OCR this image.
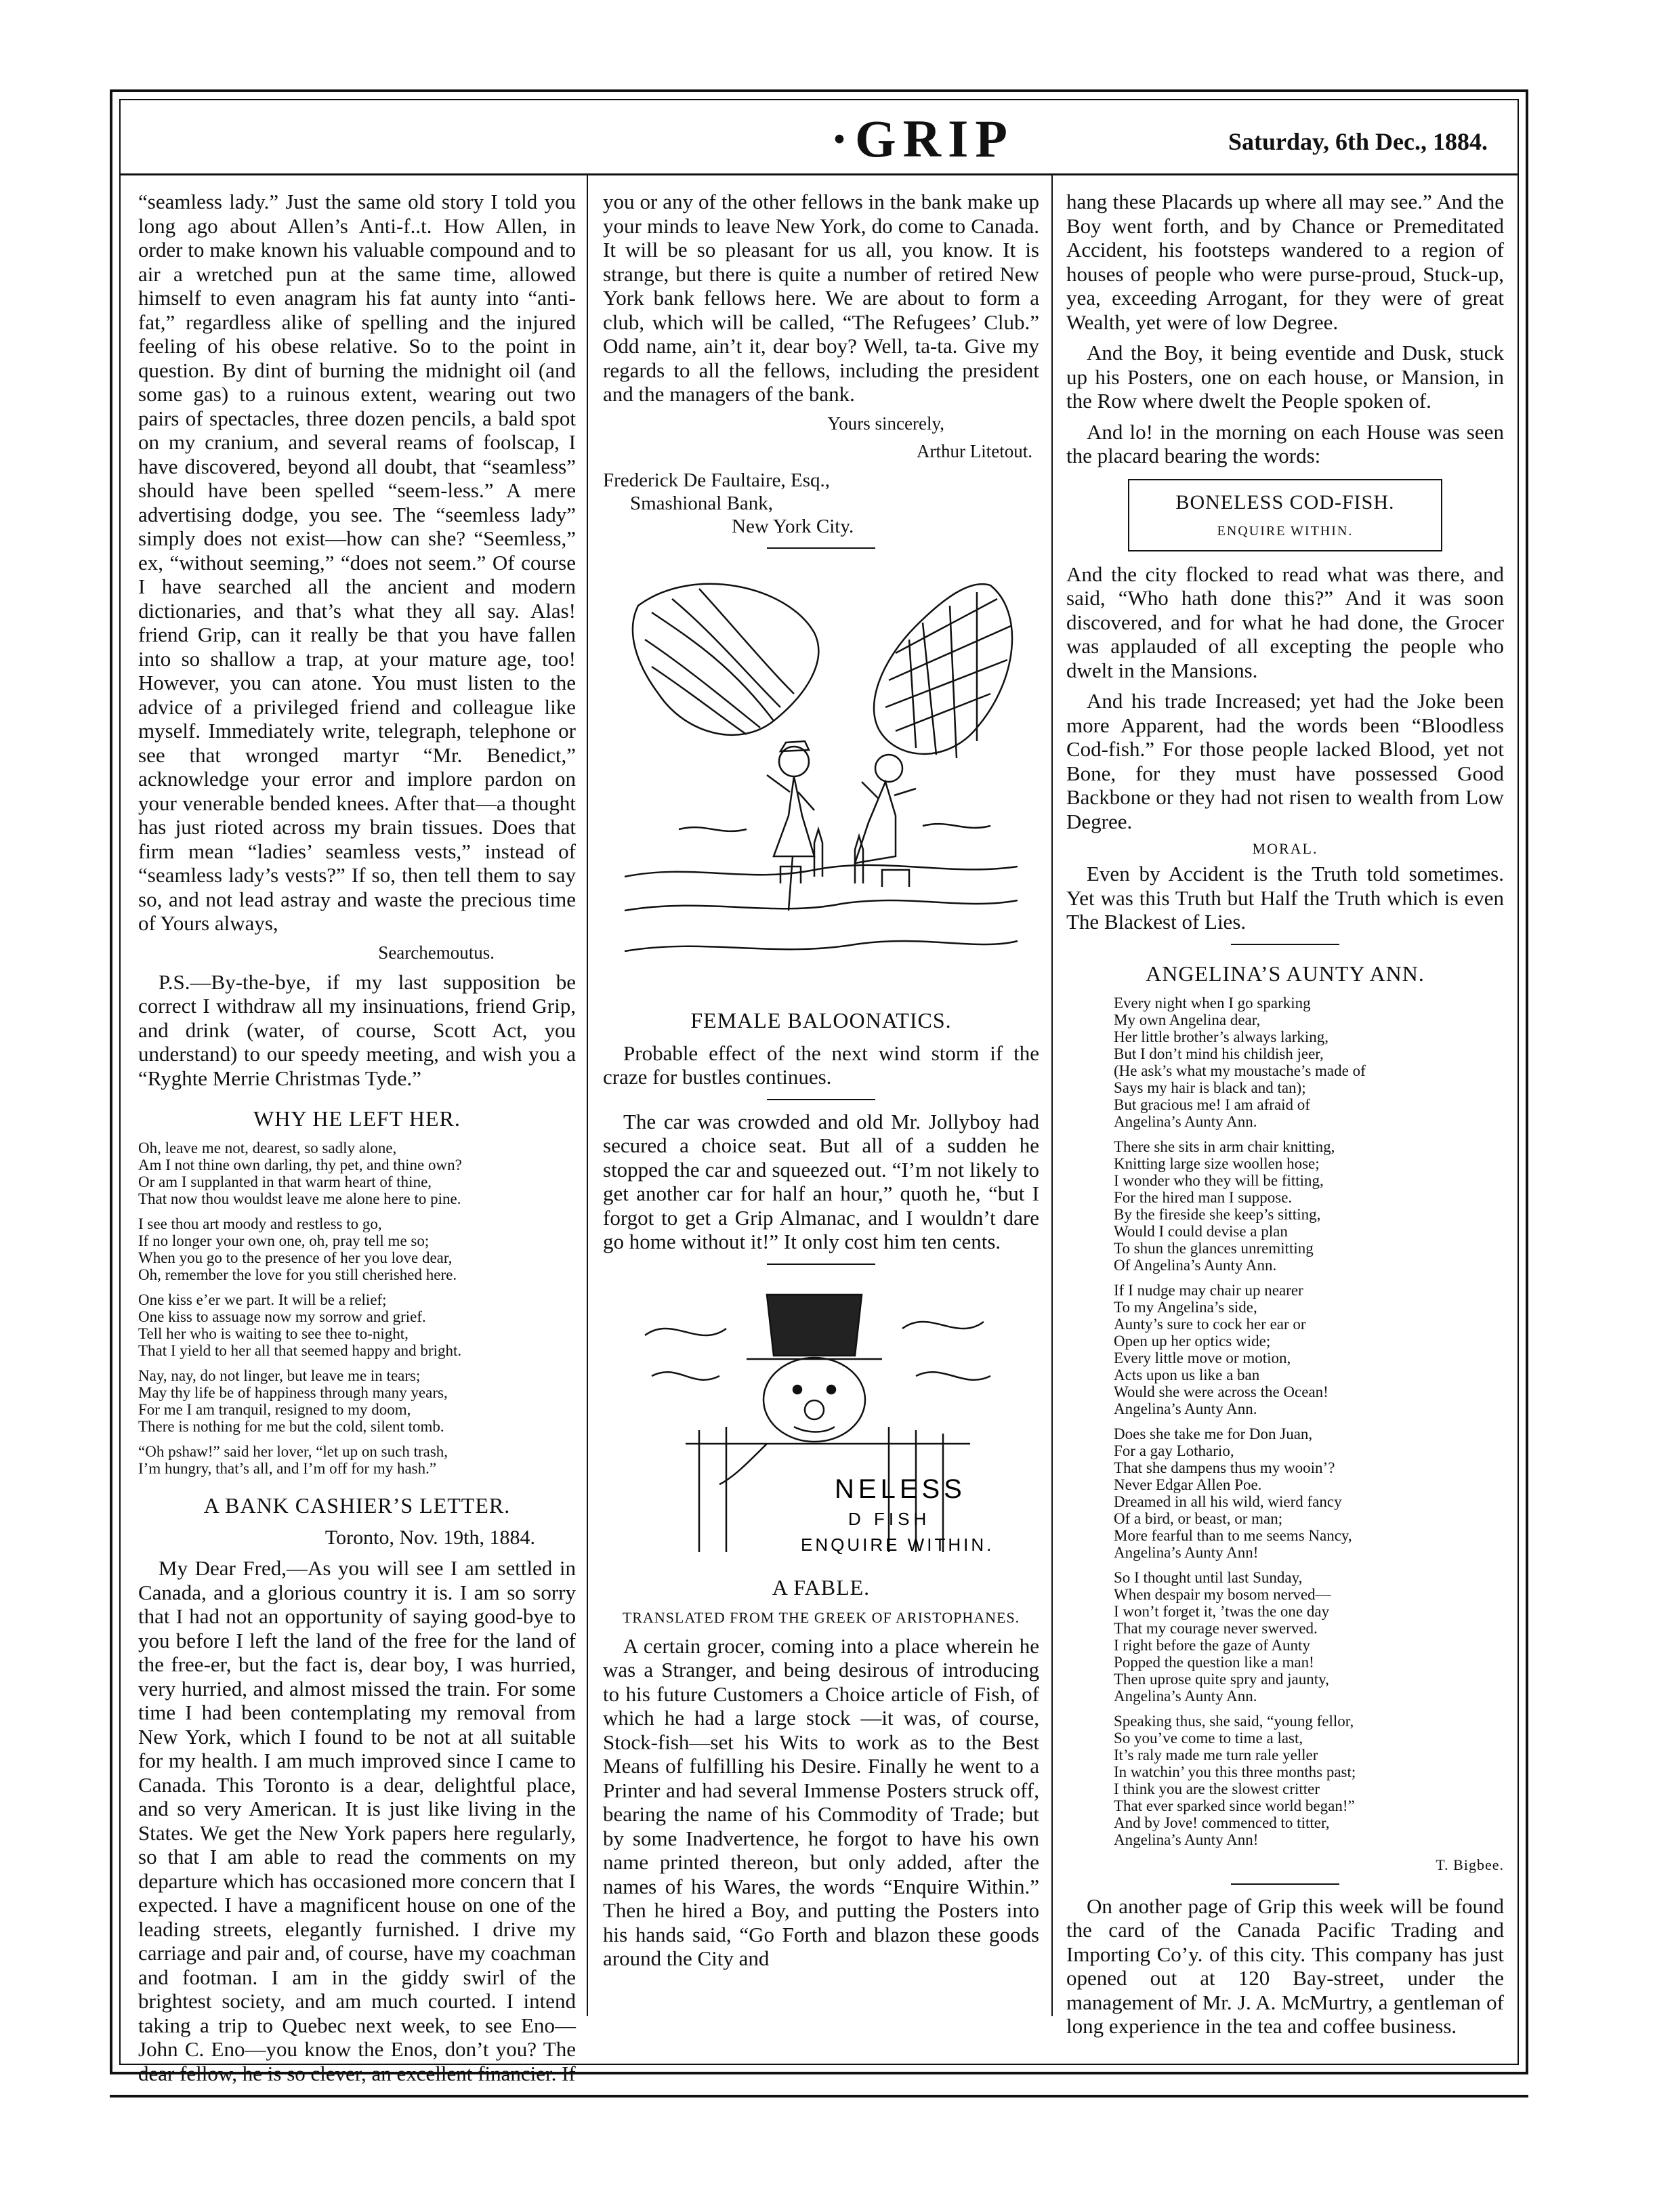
·GRIP	Saturday, 6th Dec., 1884.

“seamless lady.” Just the same old story I told you long ago about Allen’s Anti-f..t. How Allen, in order to make known his valuable compound and to air a wretched pun at the same time, allowed himself to even anagram his fat aunty into “anti-fat,” regardless alike of spelling and the injured feeling of his obese relative. So to the point in question. By dint of burning the midnight oil (and some gas) to a ruinous extent, wearing out two pairs of spectacles, three dozen pencils, a bald spot on my cranium, and several reams of foolscap, I have discovered, beyond all doubt, that “seamless” should have been spelled “seem-less.” A mere advertising dodge, you see. The “seemless lady” simply does not exist—how can she? “Seemless,” ex, “without seeming,” “does not seem.” Of course I have searched all the ancient and modern dictionaries, and that’s what they all say. Alas! friend Grip, can it really be that you have fallen into so shallow a trap, at your mature age, too! However, you can atone. You must listen to the advice of a privileged friend and colleague like myself. Immediately write, telegraph, telephone or see that wronged martyr “Mr. Benedict,” acknowledge your error and implore pardon on your venerable bended knees. After that—a thought has just rioted across my brain tissues. Does that firm mean “ladies’ seamless vests,” instead of “seamless lady’s vests?” If so, then tell them to say so, and not lead astray and waste the precious time of Yours always,

Searchemoutus.

P.S.—By-the-bye, if my last supposition be correct I withdraw all my insinuations, friend Grip, and drink (water, of course, Scott Act, you understand) to our speedy meeting, and wish you a “Ryghte Merrie Christmas Tyde.”

WHY HE LEFT HER.
Oh, leave me not, dearest, so sadly alone,
Am I not thine own darling, thy pet, and thine own?
Or am I supplanted in that warm heart of thine,
That now thou wouldst leave me alone here to pine.
I see thou art moody and restless to go,
If no longer your own one, oh, pray tell me so;
When you go to the presence of her you love dear,
Oh, remember the love for you still cherished here.
One kiss e’er we part. It will be a relief;
One kiss to assuage now my sorrow and grief.
Tell her who is waiting to see thee to-night,
That I yield to her all that seemed happy and bright.
Nay, nay, do not linger, but leave me in tears;
May thy life be of happiness through many years,
For me I am tranquil, resigned to my doom,
There is nothing for me but the cold, silent tomb.
“Oh pshaw!” said her lover, “let up on such trash,
I’m hungry, that’s all, and I’m off for my hash.”
A BANK CASHIER’S LETTER.
Toronto, Nov. 19th, 1884.

My Dear Fred,—As you will see I am settled in Canada, and a glorious country it is. I am so sorry that I had not an opportunity of saying good-bye to you before I left the land of the free for the land of the free-er, but the fact is, dear boy, I was hurried, very hurried, and almost missed the train. For some time I had been contemplating my removal from New York, which I found to be not at all suitable for my health. I am much improved since I came to Canada. This Toronto is a dear, delightful place, and so very American. It is just like living in the States. We get the New York papers here regularly, so that I am able to read the comments on my departure which has occasioned more concern that I expected. I have a magnificent house on one of the leading streets, elegantly furnished. I drive my carriage and pair and, of course, have my coachman and footman. I am in the giddy swirl of the brightest society, and am much courted. I intend taking a trip to Quebec next week, to see Eno—John C. Eno—you know the Enos, don’t you? The dear fellow, he is so clever, an excellent financier. If

you or any of the other fellows in the bank make up your minds to leave New York, do come to Canada. It will be so pleasant for us all, you know. It is strange, but there is quite a number of retired New York bank fellows here. We are about to form a club, which will be called, “The Refugees’ Club.” Odd name, ain’t it, dear boy? Well, ta-ta. Give my regards to all the fellows, including the president and the managers of the bank.

Yours sincerely,
Arthur Litetout.
Frederick De Faultaire, Esq.,
Smashional Bank,
New York City.
FEMALE BALOONATICS.

Probable effect of the next wind storm if the craze for bustles continues.

The car was crowded and old Mr. Jollyboy had secured a choice seat. But all of a sudden he stopped the car and squeezed out. “I’m not likely to get another car for half an hour,” quoth he, “but I forgot to get a Grip Almanac, and I wouldn’t dare go home without it!” It only cost him ten cents.

NELESS
D FISH
ENQUIRE WITHIN.
A FABLE.
TRANSLATED FROM THE GREEK OF ARISTOPHANES.

A certain grocer, coming into a place wherein he was a Stranger, and being desirous of introducing to his future Customers a Choice article of Fish, of which he had a large stock —it was, of course, Stock-fish—set his Wits to work as to the Best Means of fulfilling his Desire. Finally he went to a Printer and had several Immense Posters struck off, bearing the name of his Commodity of Trade; but by some Inadvertence, he forgot to have his own name printed thereon, but only added, after the names of his Wares, the words “Enquire Within.” Then he hired a Boy, and putting the Posters into his hands said, “Go Forth and blazon these goods around the City and

hang these Placards up where all may see.” And the Boy went forth, and by Chance or Premeditated Accident, his footsteps wandered to a region of houses of people who were purse-proud, Stuck-up, yea, exceeding Arrogant, for they were of great Wealth, yet were of low Degree.

And the Boy, it being eventide and Dusk, stuck up his Posters, one on each house, or Mansion, in the Row where dwelt the People spoken of.

And lo! in the morning on each House was seen the placard bearing the words:

BONELESS COD-FISH.
ENQUIRE WITHIN.

And the city flocked to read what was there, and said, “Who hath done this?” And it was soon discovered, and for what he had done, the Grocer was applauded of all excepting the people who dwelt in the Mansions.

And his trade Increased; yet had the Joke been more Apparent, had the words been “Bloodless Cod-fish.” For those people lacked Blood, yet not Bone, for they must have possessed Good Backbone or they had not risen to wealth from Low Degree.

MORAL.

Even by Accident is the Truth told sometimes. Yet was this Truth but Half the Truth which is even The Blackest of Lies.

ANGELINA’S AUNTY ANN.
Every night when I go sparking
My own Angelina dear,
Her little brother’s always larking,
But I don’t mind his childish jeer,
(He ask’s what my moustache’s made of
Says my hair is black and tan);
But gracious me! I am afraid of
Angelina’s Aunty Ann.
There she sits in arm chair knitting,
Knitting large size woollen hose;
I wonder who they will be fitting,
For the hired man I suppose.
By the fireside she keep’s sitting,
Would I could devise a plan
To shun the glances unremitting
Of Angelina’s Aunty Ann.
If I nudge may chair up nearer
To my Angelina’s side,
Aunty’s sure to cock her ear or
Open up her optics wide;
Every little move or motion,
Acts upon us like a ban
Would she were across the Ocean!
Angelina’s Aunty Ann.
Does she take me for Don Juan,
For a gay Lothario,
That she dampens thus my wooin’?
Never Edgar Allen Poe.
Dreamed in all his wild, wierd fancy
Of a bird, or beast, or man;
More fearful than to me seems Nancy,
Angelina’s Aunty Ann!
So I thought until last Sunday,
When despair my bosom nerved—
I won’t forget it, ’twas the one day
That my courage never swerved.
I right before the gaze of Aunty
Popped the question like a man!
Then uprose quite spry and jaunty,
Angelina’s Aunty Ann.
Speaking thus, she said, “young fellor,
So you’ve come to time a last,
It’s raly made me turn rale yeller
In watchin’ you this three months past;
I think you are the slowest critter
That ever sparked since world began!”
And by Jove! commenced to titter,
Angelina’s Aunty Ann!
T. Bigbee.

On another page of Grip this week will be found the card of the Canada Pacific Trading and Importing Co’y. of this city. This company has just opened out at 120 Bay-street, under the management of Mr. J. A. McMurtry, a gentleman of long experience in the tea and coffee business.
